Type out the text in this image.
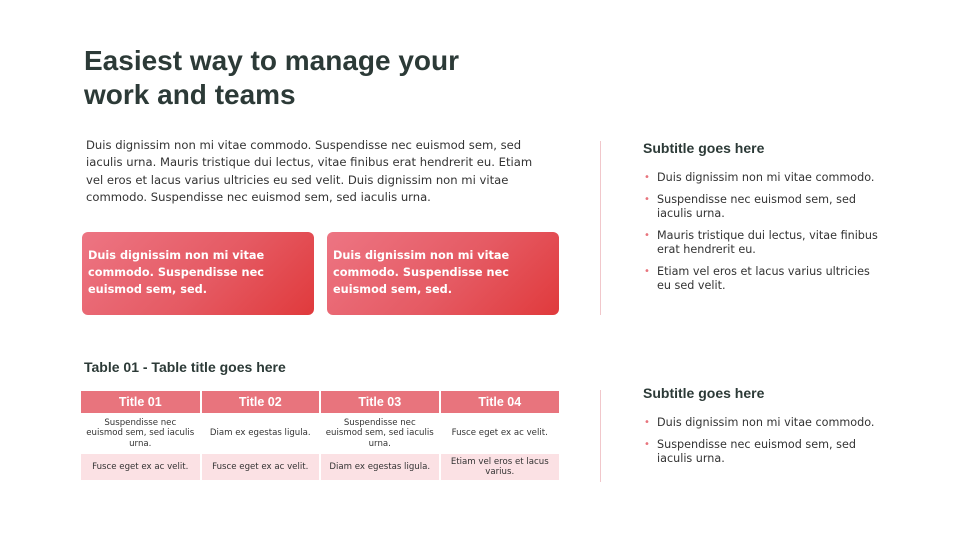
Easiest way to manage your work and teams

Duis dignissim non mi vitae commodo. Suspendisse nec euismod sem, sed iaculis urna. Mauris tristique dui lectus, vitae finibus erat hendrerit eu. Etiam vel eros et lacus varius ultricies eu sed velit. Duis dignissim non mi vitae commodo. Suspendisse nec euismod sem, sed iaculis urna.

Duis dignissim non mi vitae commodo. Suspendisse nec euismod sem, sed.
Duis dignissim non mi vitae commodo. Suspendisse nec euismod sem, sed.
Table 01 - Table title goes here
Title 01	Title 02	Title 03	Title 04
Suspendisse nec euismod sem, sed iaculis urna.	Diam ex egestas ligula.	Suspendisse nec euismod sem, sed iaculis urna.	Fusce eget ex ac velit.
Fusce eget ex ac velit.	Fusce eget ex ac velit.	Diam ex egestas ligula.	Etiam vel eros et lacus varius.
Subtitle goes here
• Duis dignissim non mi vitae commodo.
• Suspendisse nec euismod sem, sed iaculis urna.
• Mauris tristique dui lectus, vitae finibus erat hendrerit eu.
• Etiam vel eros et lacus varius ultricies eu sed velit.
Subtitle goes here
• Duis dignissim non mi vitae commodo.
• Suspendisse nec euismod sem, sed iaculis urna.
